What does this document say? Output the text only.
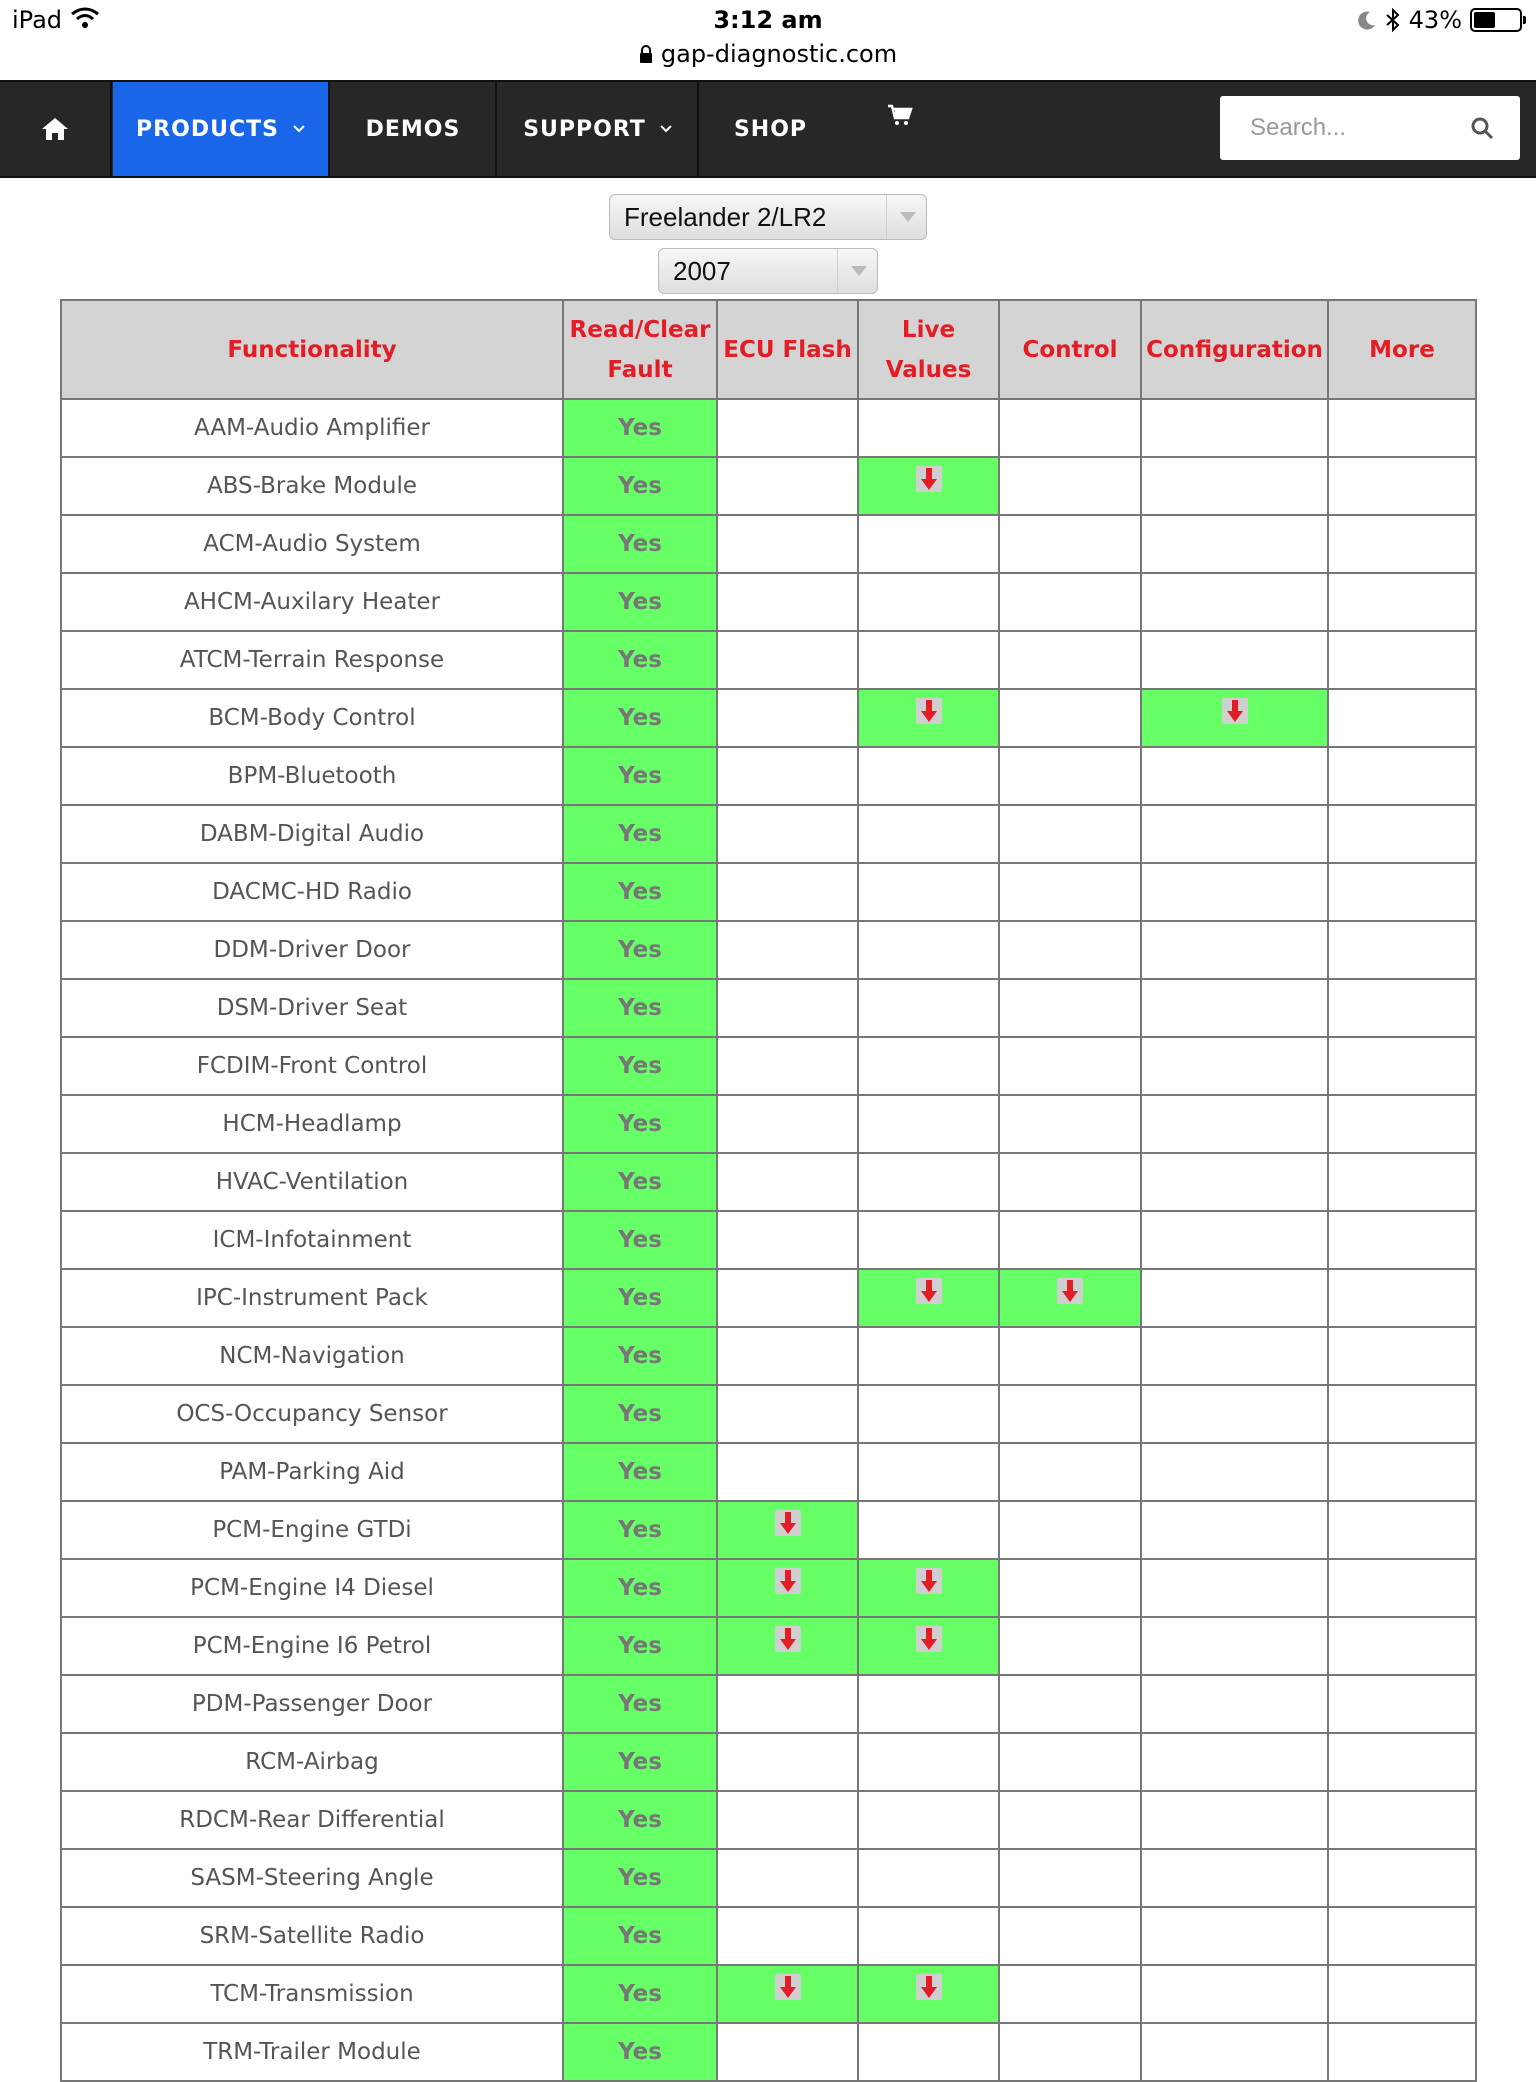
iPad	3:12 am
gap-diagnostic.com
43%
PRODUCTS	DEMOS	SUPPORT	SHOP
Search...
Freelander 2/LR2
2007
Functionality	Read/Clear Fault	ECU Flash	Live Values	Control	Configuration	More
AAM-Audio Amplifier	Yes					
ABS-Brake Module	Yes		

ACM-Audio System	Yes					
AHCM-Auxilary Heater	Yes					
ATCM-Terrain Response	Yes					
BCM-Body Control	Yes		

BPM-Bluetooth	Yes					
DABM-Digital Audio	Yes					
DACMC-HD Radio	Yes					
DDM-Driver Door	Yes					
DSM-Driver Seat	Yes					
FCDIM-Front Control	Yes					
HCM-Headlamp	Yes					
HVAC-Ventilation	Yes					
ICM-Infotainment	Yes					
IPC-Instrument Pack	Yes		

NCM-Navigation	Yes					
OCS-Occupancy Sensor	Yes					
PAM-Parking Aid	Yes					
PCM-Engine GTDi	Yes	

PCM-Engine I4 Diesel	Yes	

PCM-Engine I6 Petrol	Yes	

PDM-Passenger Door	Yes					
RCM-Airbag	Yes					
RDCM-Rear Differential	Yes					
SASM-Steering Angle	Yes					
SRM-Satellite Radio	Yes					
TCM-Transmission	Yes	

TRM-Trailer Module	Yes					
